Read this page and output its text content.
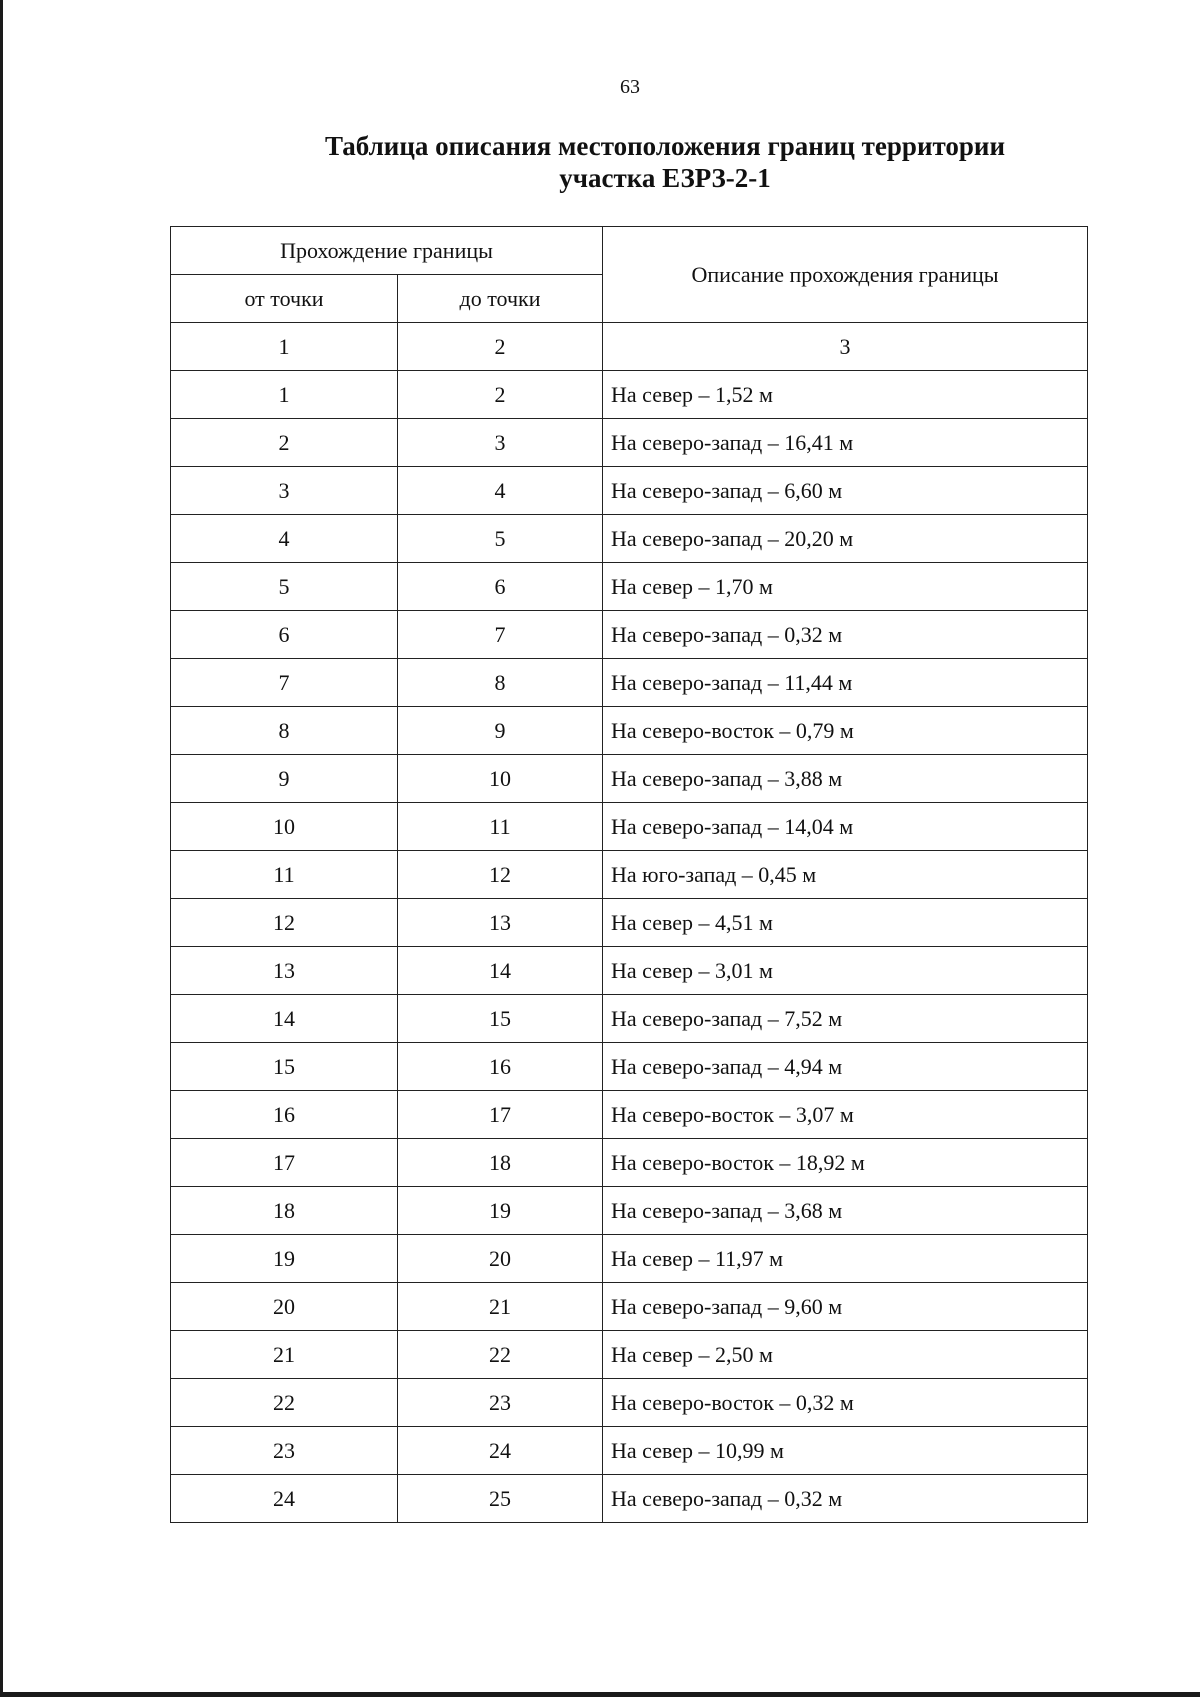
63
Таблица описания местоположения границ территории
участка ЕЗРЗ-2-1
Прохождение границы		Описание прохождения границы
от точки	до точки	
1	2	3
1	2	На север – 1,52 м
2	3	На северо-запад – 16,41 м
3	4	На северо-запад – 6,60 м
4	5	На северо-запад – 20,20 м
5	6	На север – 1,70 м
6	7	На северо-запад – 0,32 м
7	8	На северо-запад – 11,44 м
8	9	На северо-восток – 0,79 м
9	10	На северо-запад – 3,88 м
10	11	На северо-запад – 14,04 м
11	12	На юго-запад – 0,45 м
12	13	На север – 4,51 м
13	14	На север – 3,01 м
14	15	На северо-запад – 7,52 м
15	16	На северо-запад – 4,94 м
16	17	На северо-восток – 3,07 м
17	18	На северо-восток – 18,92 м
18	19	На северо-запад – 3,68 м
19	20	На север – 11,97 м
20	21	На северо-запад – 9,60 м
21	22	На север – 2,50 м
22	23	На северо-восток – 0,32 м
23	24	На север – 10,99 м
24	25	На северо-запад – 0,32 м
